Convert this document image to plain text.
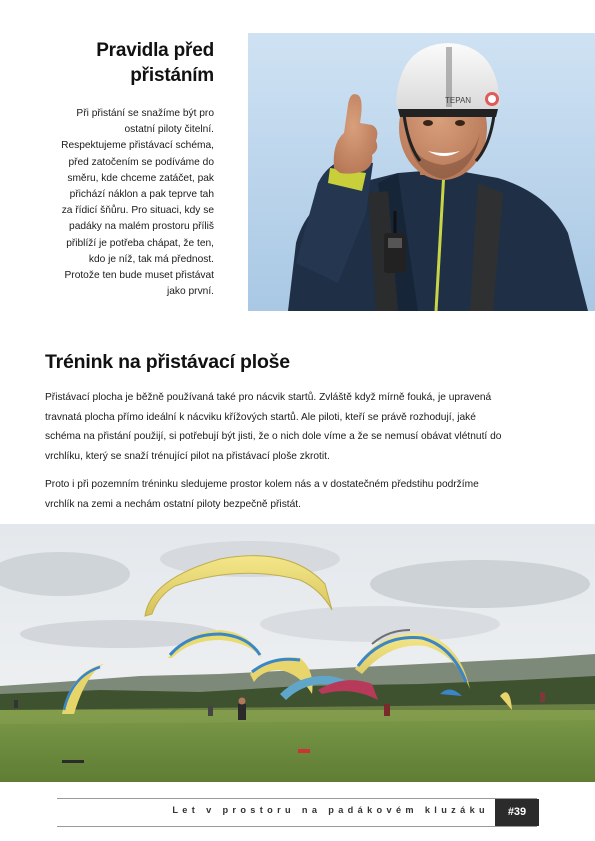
Pravidla před
přistáním
Při přistání se snažíme být pro
ostatní piloty čitelní.
Respektujeme přistávací schéma,
před zatočením se podíváme do
směru, kde chceme zatáčet, pak
přichází náklon a pak teprve tah
za řídicí šňůru. Pro situaci, kdy se
padáky na malém prostoru příliš
přiblíží je potřeba chápat, že ten,
kdo je níž, tak má přednost.
Protože ten bude muset přistávat
jako první.
TEPAN
Trénink na přistávací ploše
Přistávací plocha je běžně používaná také pro nácvik startů. Zvláště když mírně fouká, je upravená
travnatá plocha přímo ideální k nácviku křížových startů. Ale piloti, kteří se právě rozhodují, jaké
schéma na přistání použijí, si potřebují být jisti, že o nich dole víme a že se nemusí obávat vlétnutí do
vrchlíku, který se snaží trénující pilot na přistávací ploše zkrotit.
Proto i při pozemním tréninku sledujeme prostor kolem nás a v dostatečném předstihu podržíme
vrchlík na zemi a nechám ostatní piloty bezpečně přistát.
Let v prostoru na padákovém kluzáku	#39
